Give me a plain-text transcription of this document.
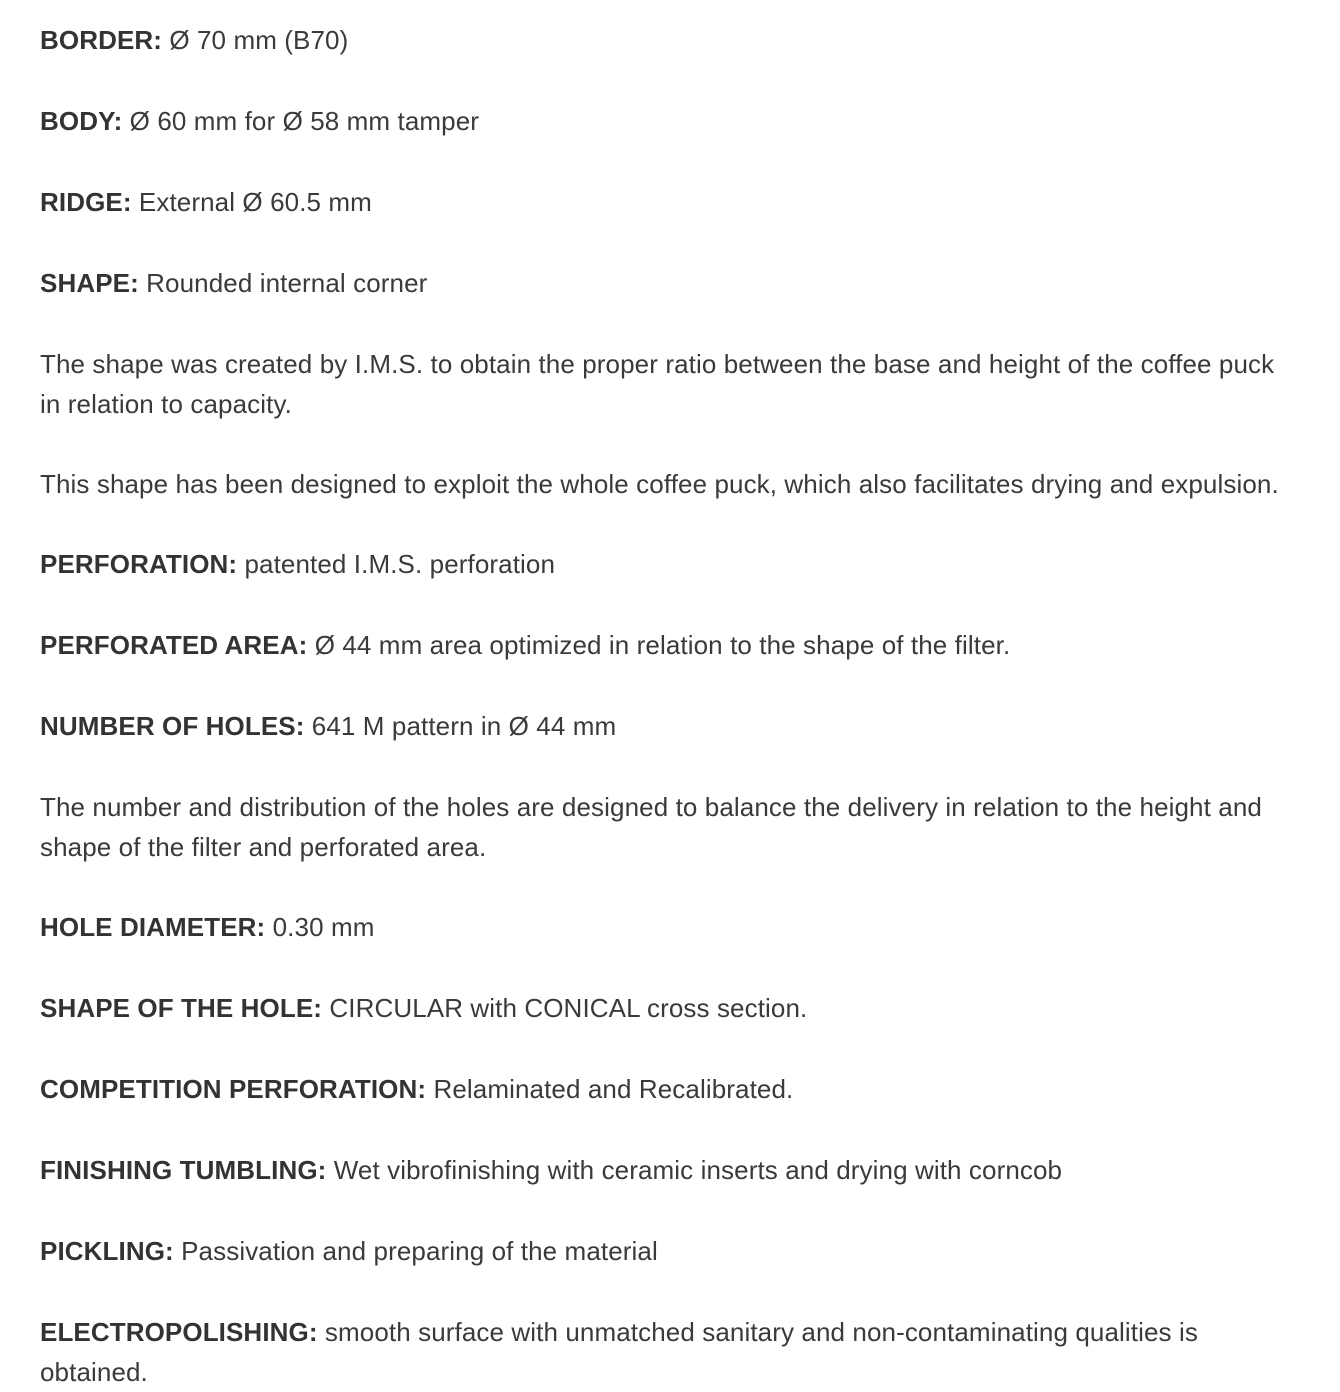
BORDER: Ø 70 mm (B70)

BODY: Ø 60 mm for Ø 58 mm tamper

RIDGE: External Ø 60.5 mm

SHAPE: Rounded internal corner

The shape was created by I.M.S. to obtain the proper ratio between the base and height of the coffee puck in relation to capacity.

This shape has been designed to exploit the whole coffee puck, which also facilitates drying and expulsion.

PERFORATION: patented I.M.S. perforation

PERFORATED AREA: Ø 44 mm area optimized in relation to the shape of the filter.

NUMBER OF HOLES: 641 M pattern in Ø 44 mm

The number and distribution of the holes are designed to balance the delivery in relation to the height and shape of the filter and perforated area.

HOLE DIAMETER: 0.30 mm

SHAPE OF THE HOLE: CIRCULAR with CONICAL cross section.

COMPETITION PERFORATION: Relaminated and Recalibrated.

FINISHING TUMBLING: Wet vibrofinishing with ceramic inserts and drying with corncob

PICKLING: Passivation and preparing of the material

ELECTROPOLISHING: smooth surface with unmatched sanitary and non-contaminating qualities is obtained.
